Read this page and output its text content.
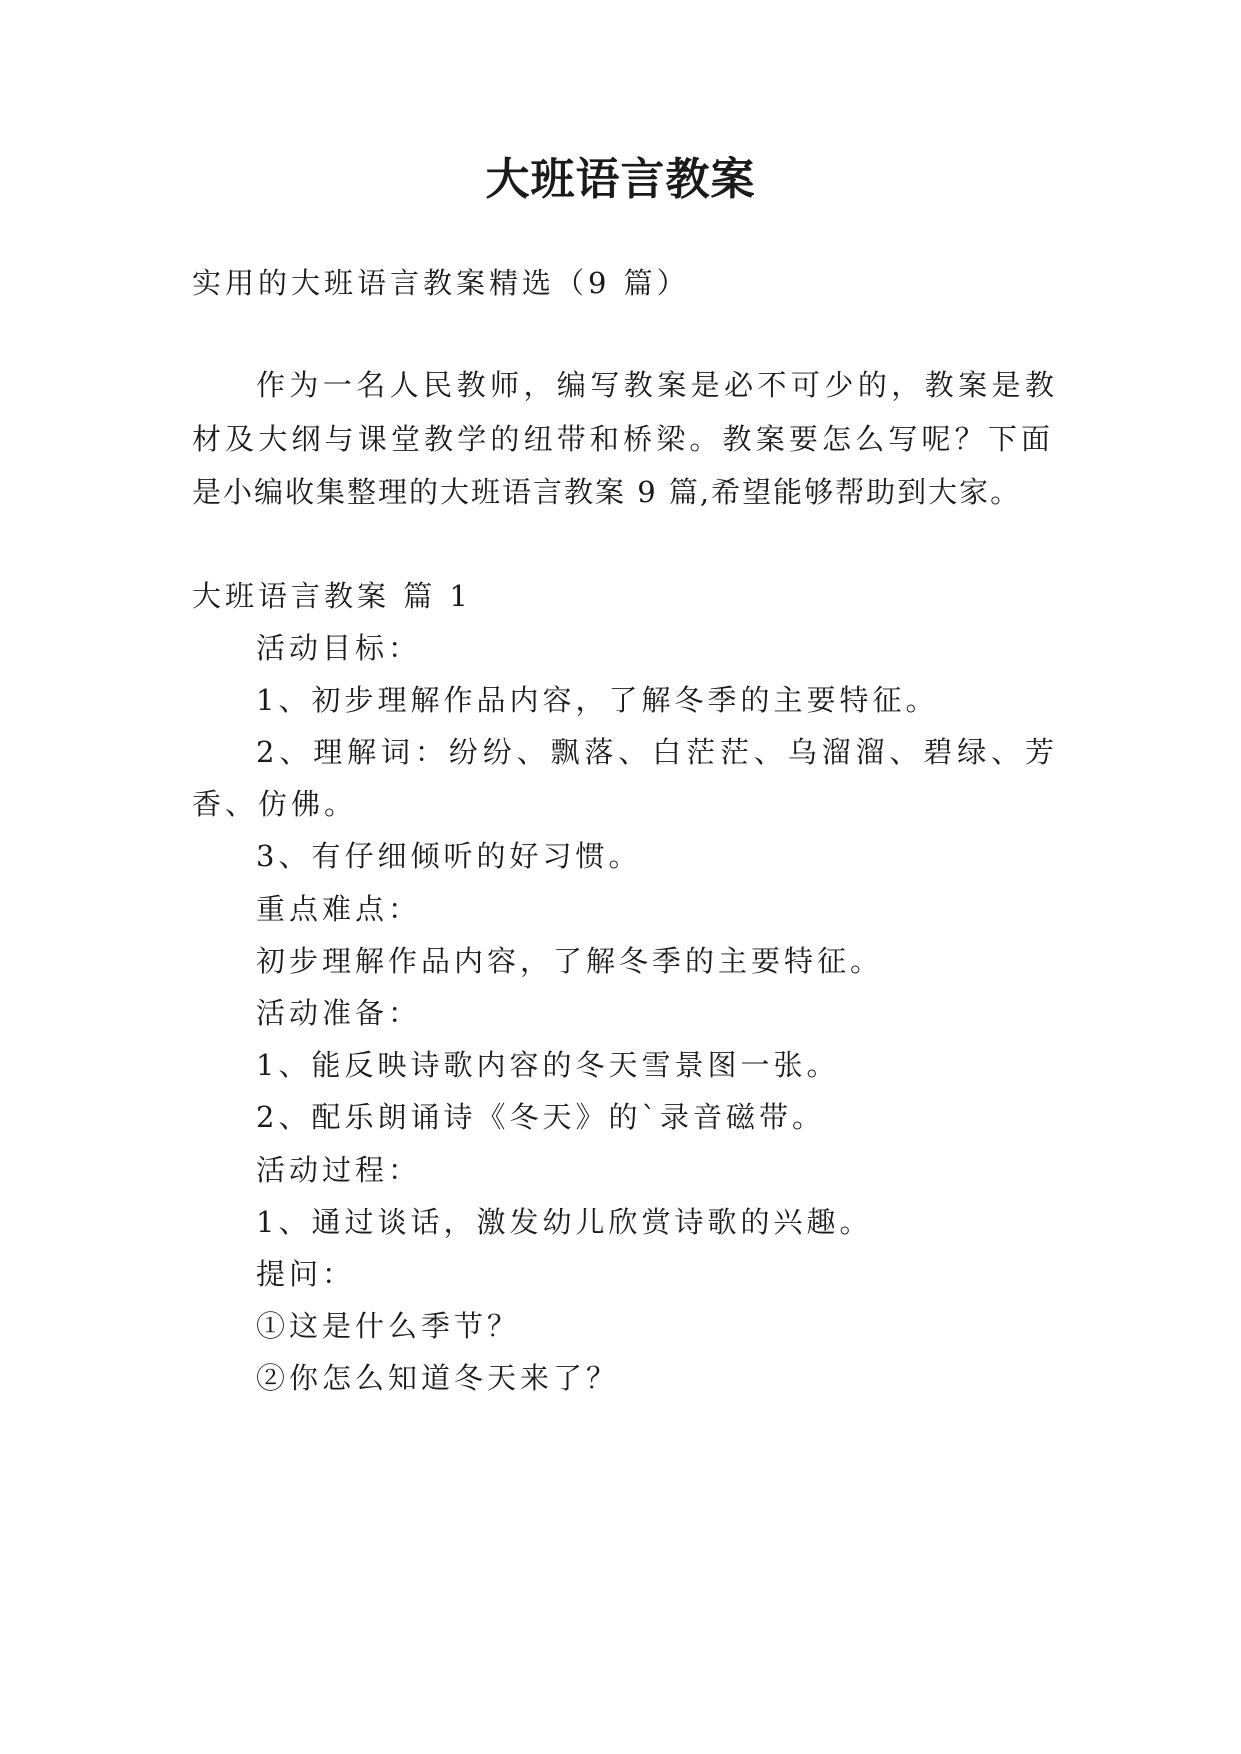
大班语言教案
实用的大班语言教案精选（9 篇）
作为一名人民教师，编写教案是必不可少的，教案是教
材及大纲与课堂教学的纽带和桥梁。教案要怎么写呢？下面
是小编收集整理的大班语言教案 9 篇,希望能够帮助到大家。
大班语言教案 篇 1
活动目标：
1、初步理解作品内容，了解冬季的主要特征。
2、理解词：纷纷、飘落、白茫茫、乌溜溜、碧绿、芳
香、仿佛。
3、有仔细倾听的好习惯。
重点难点：
初步理解作品内容，了解冬季的主要特征。
活动准备：
1、能反映诗歌内容的冬天雪景图一张。
2、配乐朗诵诗《冬天》的`录音磁带。
活动过程：
1、通过谈话，激发幼儿欣赏诗歌的兴趣。
提问：
①这是什么季节？
②你怎么知道冬天来了？
